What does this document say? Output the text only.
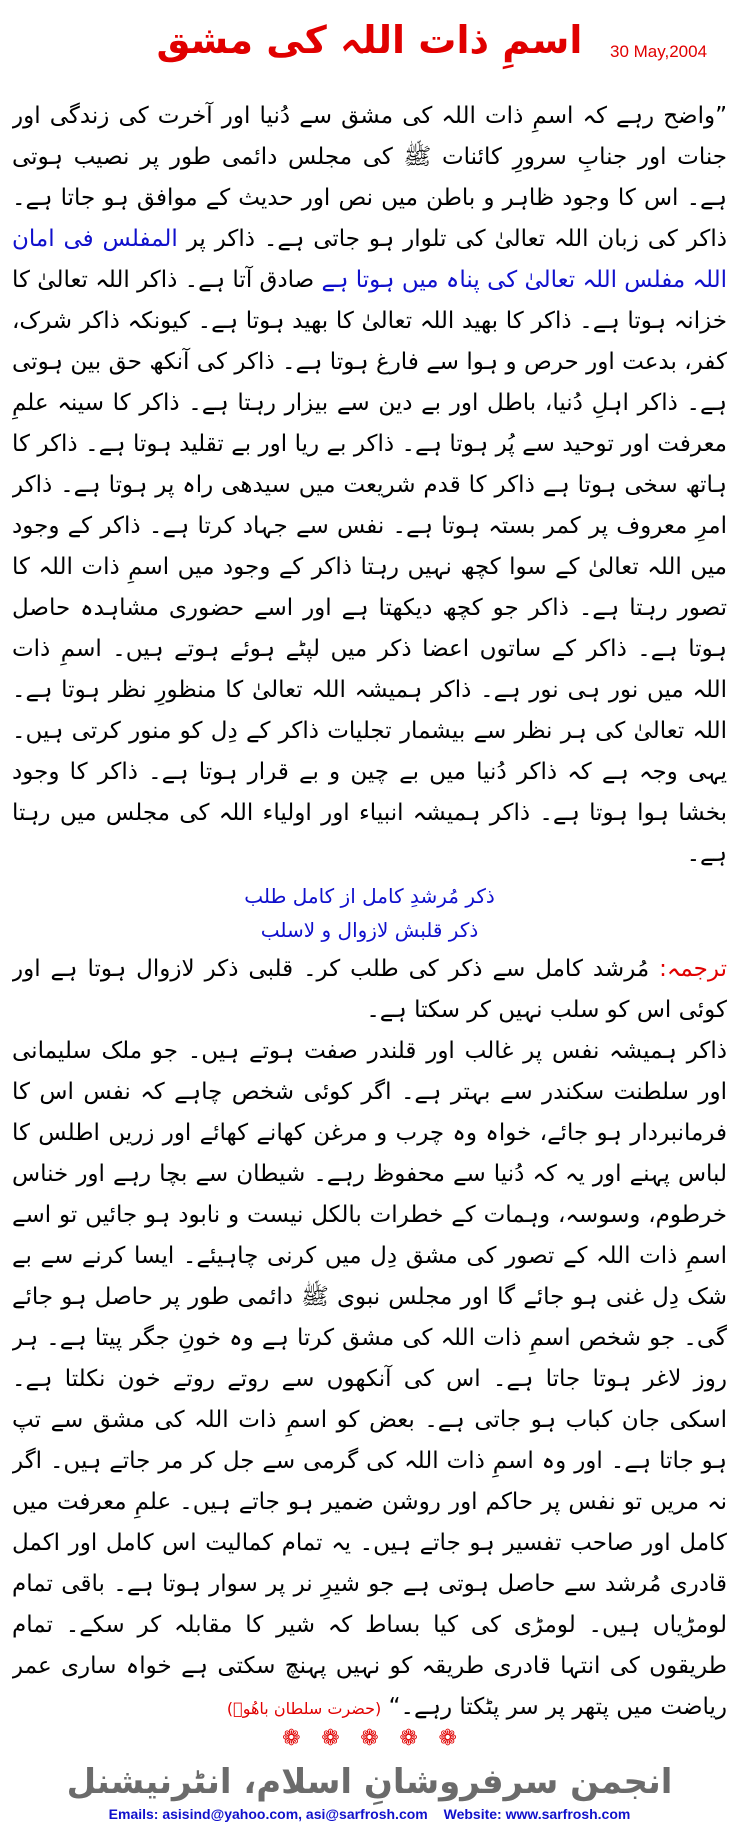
اسمِ ذات اللہ کی مشق	30 May,2004

”واضح رہے کہ اسمِ ذات اللہ کی مشق سے دُنیا اور آخرت کی زندگی اور جنات اور جنابِ سرورِ کائنات ﷺ کی مجلس دائمی طور پر نصیب ہوتی ہے۔ اس کا وجود ظاہر و باطن میں نص اور حدیث کے موافق ہو جاتا ہے۔ ذاکر کی زبان اللہ تعالیٰ کی تلوار ہو جاتی ہے۔ ذاکر پر المفلس فی امان اللہ مفلس اللہ تعالیٰ کی پناہ میں ہوتا ہے صادق آتا ہے۔ ذاکر اللہ تعالیٰ کا خزانہ ہوتا ہے۔ ذاکر کا بھید اللہ تعالیٰ کا بھید ہوتا ہے۔ کیونکہ ذاکر شرک، کفر، بدعت اور حرص و ہوا سے فارغ ہوتا ہے۔ ذاکر کی آنکھ حق بین ہوتی ہے۔ ذاکر اہلِ دُنیا، باطل اور بے دین سے بیزار رہتا ہے۔ ذاکر کا سینہ علمِ معرفت اور توحید سے پُر ہوتا ہے۔ ذاکر بے ریا اور بے تقلید ہوتا ہے۔ ذاکر کا ہاتھ سخی ہوتا ہے ذاکر کا قدم شریعت میں سیدھی راہ پر ہوتا ہے۔ ذاکر امرِ معروف پر کمر بستہ ہوتا ہے۔ نفس سے جہاد کرتا ہے۔ ذاکر کے وجود میں اللہ تعالیٰ کے سوا کچھ نہیں رہتا ذاکر کے وجود میں اسمِ ذات اللہ کا تصور رہتا ہے۔ ذاکر جو کچھ دیکھتا ہے اور اسے حضوری مشاہدہ حاصل ہوتا ہے۔ ذاکر کے ساتوں اعضا ذکر میں لپٹے ہوئے ہوتے ہیں۔ اسمِ ذات اللہ میں نور ہی نور ہے۔ ذاکر ہمیشہ اللہ تعالیٰ کا منظورِ نظر ہوتا ہے۔ اللہ تعالیٰ کی ہر نظر سے بیشمار تجلیات ذاکر کے دِل کو منور کرتی ہیں۔ یہی وجہ ہے کہ ذاکر دُنیا میں بے چین و بے قرار ہوتا ہے۔ ذاکر کا وجود بخشا ہوا ہوتا ہے۔ ذاکر ہمیشہ انبیاء اور اولیاء اللہ کی مجلس میں رہتا ہے۔

ذکر مُرشدِ کامل از کامل طلب
ذکر قلبش لازوال و لاسلب

ترجمہ: مُرشد کامل سے ذکر کی طلب کر۔ قلبی ذکر لازوال ہوتا ہے اور کوئی اس کو سلب نہیں کر سکتا ہے۔

ذاکر ہمیشہ نفس پر غالب اور قلندر صفت ہوتے ہیں۔ جو ملک سلیمانی اور سلطنت سکندر سے بہتر ہے۔ اگر کوئی شخص چاہے کہ نفس اس کا فرمانبردار ہو جائے، خواہ وہ چرب و مرغن کھانے کھائے اور زریں اطلس کا لباس پہنے اور یہ کہ دُنیا سے محفوظ رہے۔ شیطان سے بچا رہے اور خناس خرطوم، وسوسہ، وہمات کے خطرات بالکل نیست و نابود ہو جائیں تو اسے اسمِ ذات اللہ کے تصور کی مشق دِل میں کرنی چاہیئے۔ ایسا کرنے سے بے شک دِل غنی ہو جائے گا اور مجلس نبوی ﷺ دائمی طور پر حاصل ہو جائے گی۔ جو شخص اسمِ ذات اللہ کی مشق کرتا ہے وہ خونِ جگر پیتا ہے۔ ہر روز لاغر ہوتا جاتا ہے۔ اس کی آنکھوں سے روتے روتے خون نکلتا ہے۔ اسکی جان کباب ہو جاتی ہے۔ بعض کو اسمِ ذات اللہ کی مشق سے تپ ہو جاتا ہے۔ اور وہ اسمِ ذات اللہ کی گرمی سے جل کر مر جاتے ہیں۔ اگر نہ مریں تو نفس پر حاکم اور روشن ضمیر ہو جاتے ہیں۔ علمِ معرفت میں کامل اور صاحب تفسیر ہو جاتے ہیں۔ یہ تمام کمالیت اس کامل اور اکمل قادری مُرشد سے حاصل ہوتی ہے جو شیرِ نر پر سوار ہوتا ہے۔ باقی تمام لومڑیاں ہیں۔ لومڑی کی کیا بساط کہ شیر کا مقابلہ کر سکے۔ تمام طریقوں کی انتہا قادری طریقہ کو نہیں پہنچ سکتی ہے خواہ ساری عمر ریاضت میں پتھر پر سر پٹکتا رہے۔“ (حضرت سلطان باھُوؒ)

❁ ❁ ❁ ❁ ❁
انجمن سرفروشانِ اسلام، انٹرنیشنل
Emails: asisind@yahoo.com, asi@sarfrosh.com Website: www.sarfrosh.com
